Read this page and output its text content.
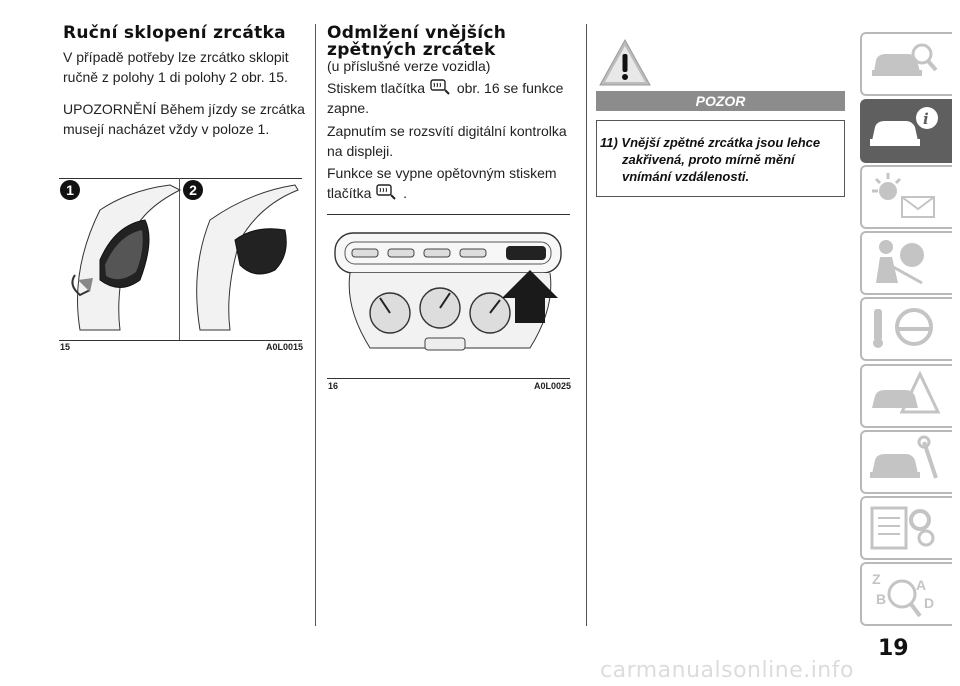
Ruční sklopení zrcátka
V případě potřeby lze zrcátko sklopit
ručně z polohy 1 di polohy 2 obr. 15.
UPOZORNĚNÍ Během jízdy se zrcátka
musejí nacházet vždy v poloze 1.
1	2
15	A0L0015
Odmlžení vnějších
zpětných zrcátek
(u příslušné verze vozidla)
Stiskem tlačítka obr. 16 se funkce
zapne.
Zapnutím se rozsvítí digitální kontrolka
na displeji.
Funkce se vypne opětovným stiskem
tlačítka .
16	A0L0025
POZOR
11) Vnější zpětné zrcátka jsou lehce
zakřivená, proto mírně mění
vnímání vzdálenosti.
i
Z	A
B	D
19
carmanualsonline.info
